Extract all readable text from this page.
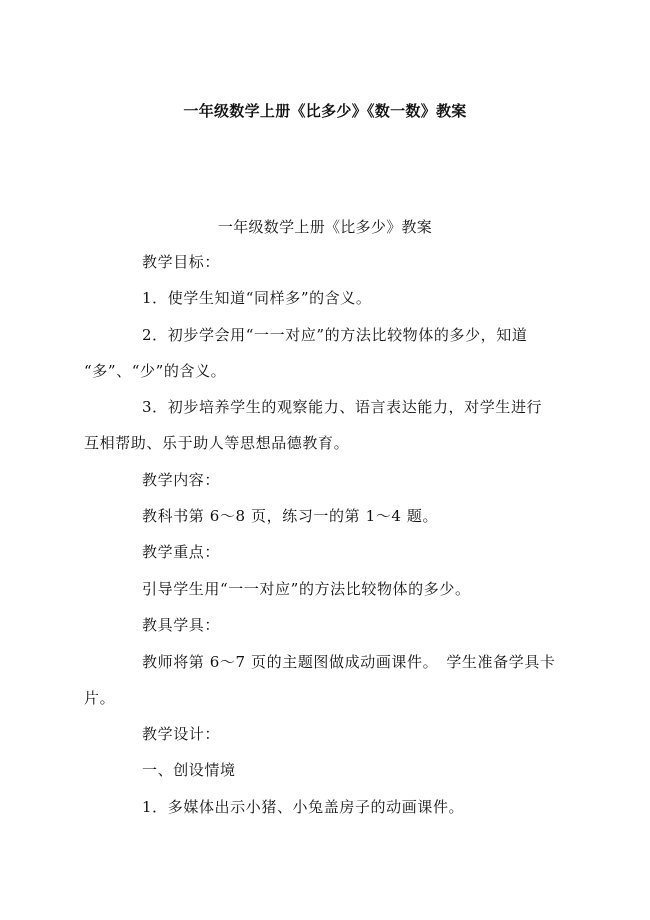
一年级数学上册《比多少》《数一数》教案
一年级数学上册《比多少》教案

教学目标：

1．使学生知道“同样多”的含义。

2．初步学会用“一一对应”的方法比较物体的多少，知道
“多”、“少”的含义。

3．初步培养学生的观察能力、语言表达能力，对学生进行
互相帮助、乐于助人等思想品德教育。

教学内容：

教科书第 6～8 页，练习一的第 1～4 题。

教学重点：

引导学生用“一一对应”的方法比较物体的多少。

教具学具：

教师将第 6～7 页的主题图做成动画课件。　学生准备学具卡
片。

教学设计：

一、创设情境

1．多媒体出示小猪、小兔盖房子的动画课件。
